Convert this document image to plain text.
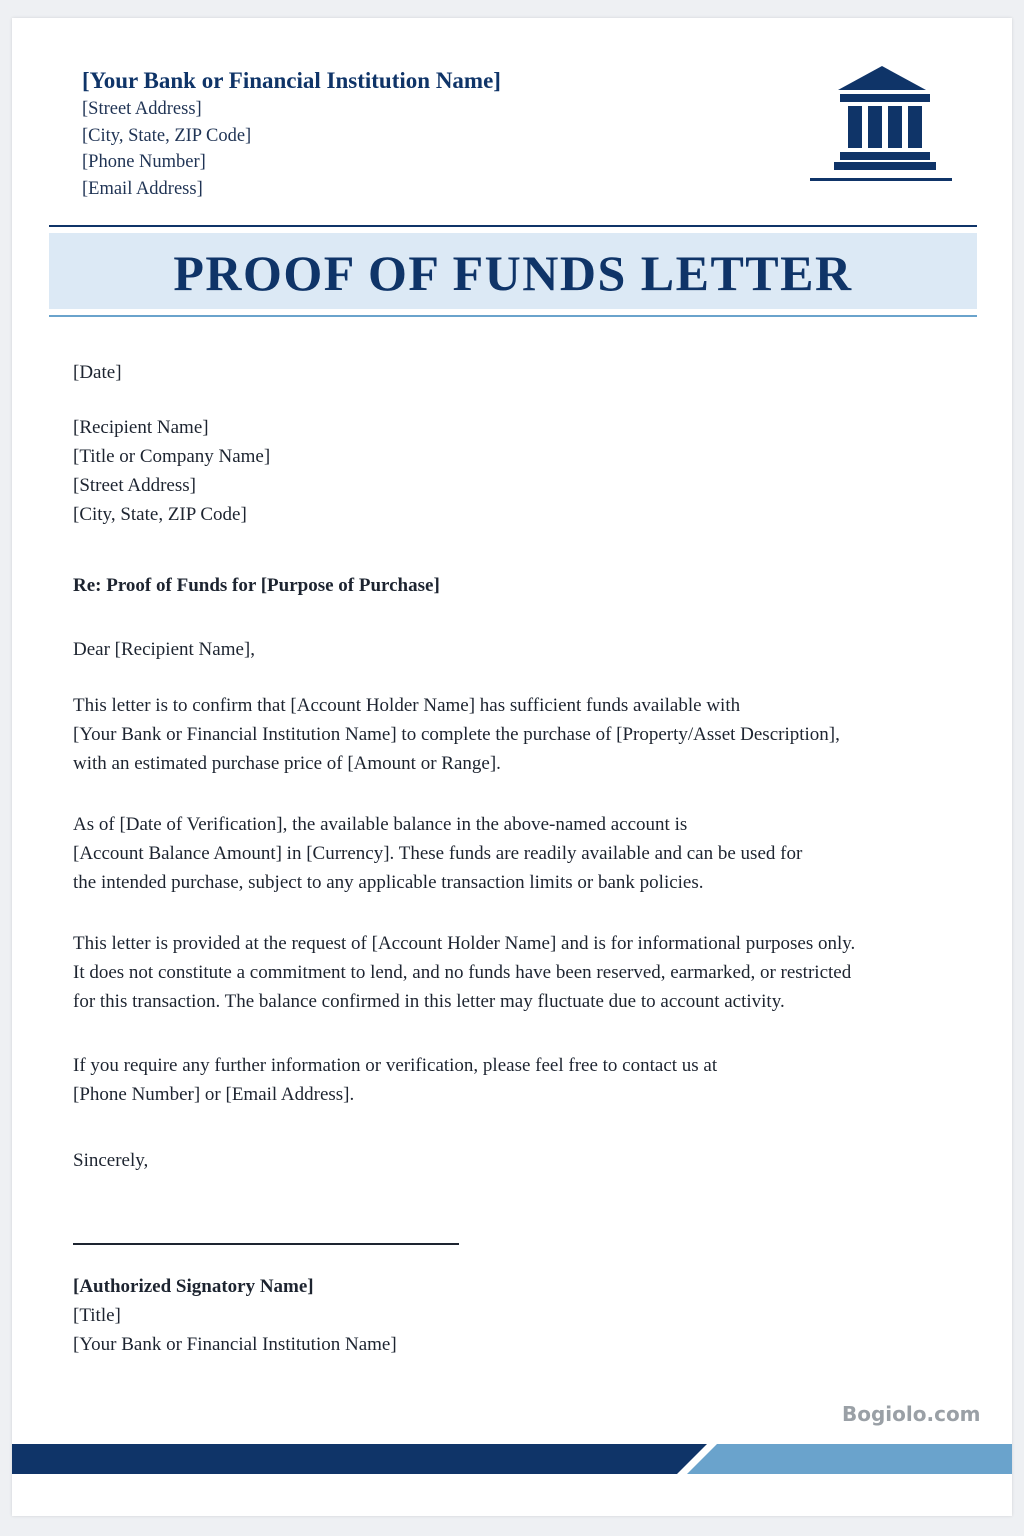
[Your Bank or Financial Institution Name]
[Street Address]
[City, State, ZIP Code]
[Phone Number]
[Email Address]
PROOF OF FUNDS LETTER
[Date]
[Recipient Name]
[Title or Company Name]
[Street Address]
[City, State, ZIP Code]
Re: Proof of Funds for [Purpose of Purchase]
Dear [Recipient Name],
This letter is to confirm that [Account Holder Name] has sufficient funds available with
[Your Bank or Financial Institution Name] to complete the purchase of [Property/Asset Description],
with an estimated purchase price of [Amount or Range].
As of [Date of Verification], the available balance in the above-named account is
[Account Balance Amount] in [Currency]. These funds are readily available and can be used for
the intended purchase, subject to any applicable transaction limits or bank policies.
This letter is provided at the request of [Account Holder Name] and is for informational purposes only.
It does not constitute a commitment to lend, and no funds have been reserved, earmarked, or restricted
for this transaction. The balance confirmed in this letter may fluctuate due to account activity.
If you require any further information or verification, please feel free to contact us at
[Phone Number] or [Email Address].
Sincerely,
[Authorized Signatory Name]
[Title]
[Your Bank or Financial Institution Name]
Bogiolo.com
